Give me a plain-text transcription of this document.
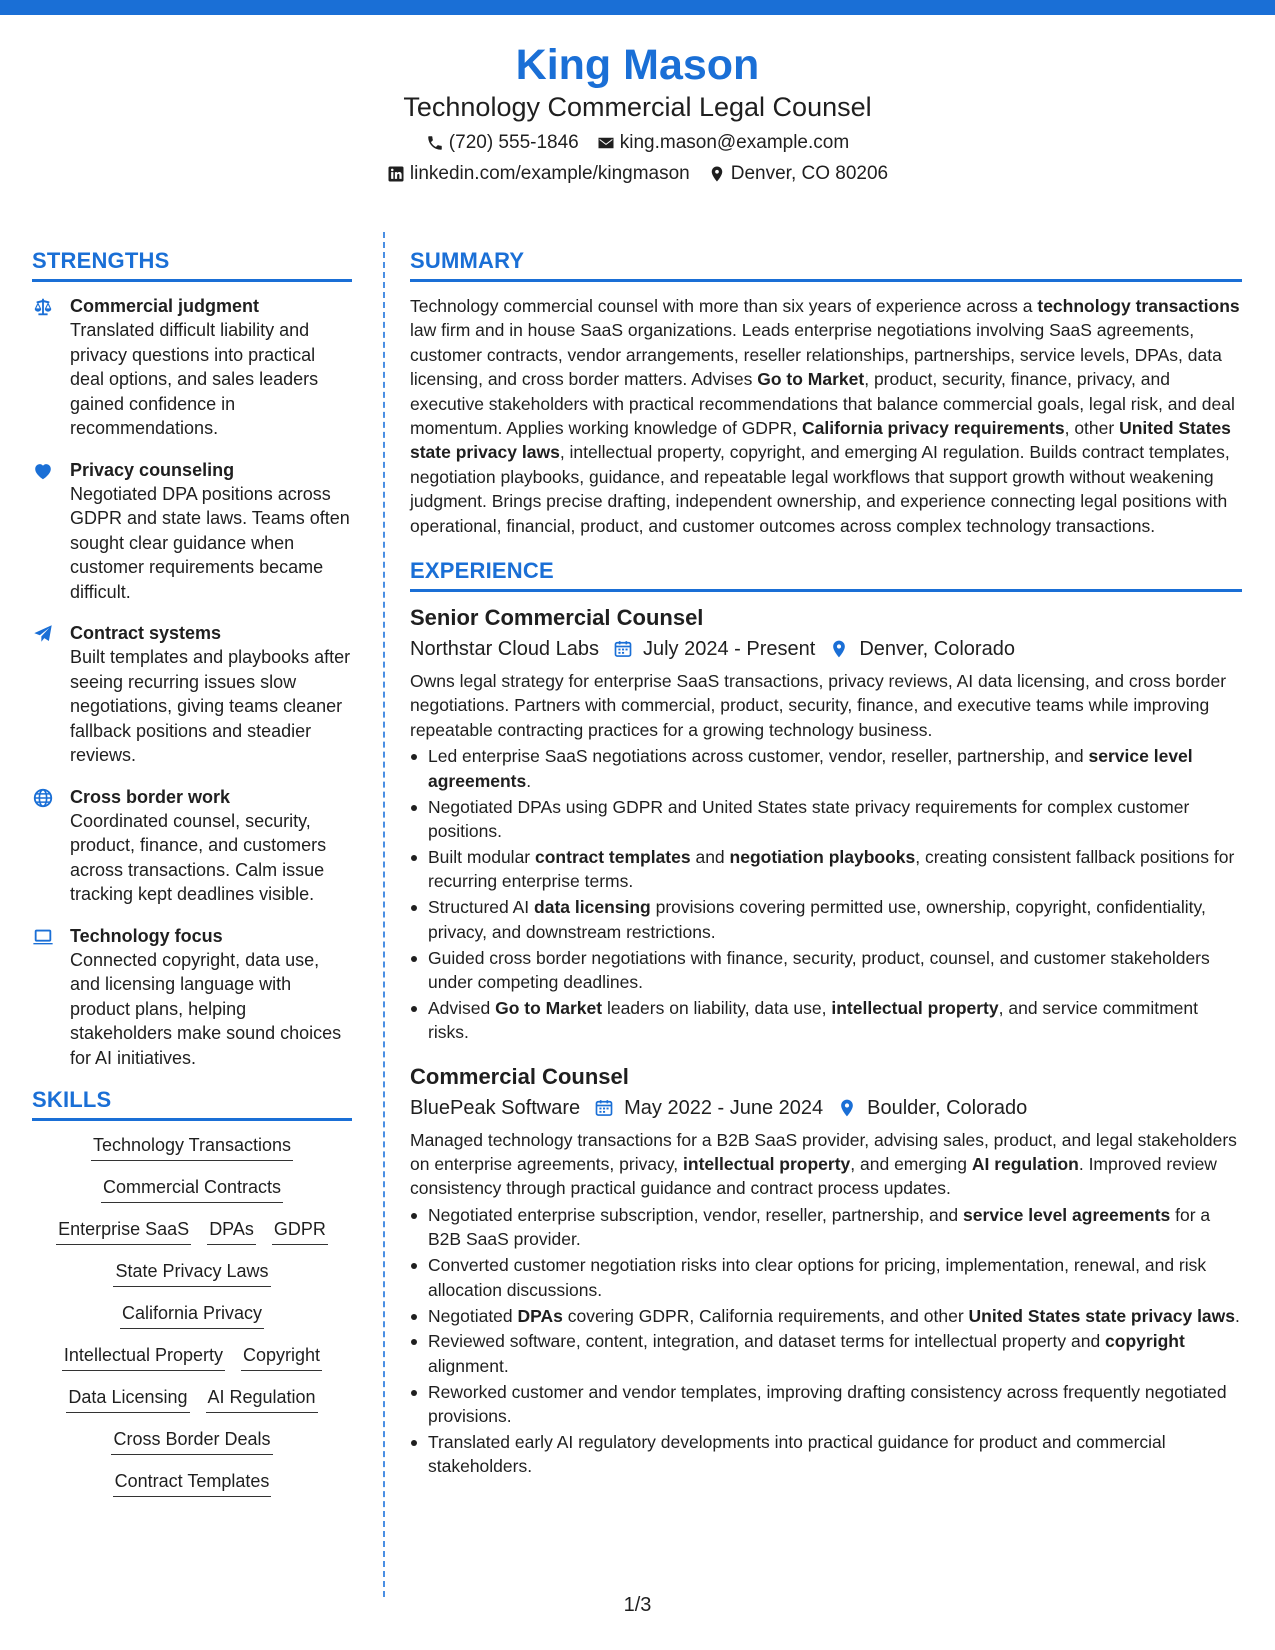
King Mason
Technology Commercial Legal Counsel
(720) 555-1846 king.mason@example.com
linkedin.com/example/kingmason Denver, CO 80206
STRENGTHS
Commercial judgment
Translated difficult liability and privacy questions into practical deal options, and sales leaders gained confidence in recommendations.
Privacy counseling
Negotiated DPA positions across GDPR and state laws. Teams often sought clear guidance when customer requirements became difficult.
Contract systems
Built templates and playbooks after seeing recurring issues slow negotiations, giving teams cleaner fallback positions and steadier reviews.
Cross border work
Coordinated counsel, security, product, finance, and customers across transactions. Calm issue tracking kept deadlines visible.
Technology focus
Connected copyright, data use, and licensing language with product plans, helping stakeholders make sound choices for AI initiatives.
SKILLS
Technology Transactions
Commercial Contracts
Enterprise SaaS DPAs GDPR
State Privacy Laws
California Privacy
Intellectual Property Copyright
Data Licensing AI Regulation
Cross Border Deals
Contract Templates
SUMMARY
Technology commercial counsel with more than six years of experience across a technology transactions law firm and in house SaaS organizations. Leads enterprise negotiations involving SaaS agreements, customer contracts, vendor arrangements, reseller relationships, partnerships, service levels, DPAs, data licensing, and cross border matters. Advises Go to Market, product, security, finance, privacy, and executive stakeholders with practical recommendations that balance commercial goals, legal risk, and deal momentum. Applies working knowledge of GDPR, California privacy requirements, other United States state privacy laws, intellectual property, copyright, and emerging AI regulation. Builds contract templates, negotiation playbooks, guidance, and repeatable legal workflows that support growth without weakening judgment. Brings precise drafting, independent ownership, and experience connecting legal positions with operational, financial, product, and customer outcomes across complex technology transactions.
EXPERIENCE
Senior Commercial Counsel
Northstar Cloud Labs July 2024 - Present Denver, Colorado
Owns legal strategy for enterprise SaaS transactions, privacy reviews, AI data licensing, and cross border negotiations. Partners with commercial, product, security, finance, and executive teams while improving repeatable contracting practices for a growing technology business.
Led enterprise SaaS negotiations across customer, vendor, reseller, partnership, and service level agreements.
Negotiated DPAs using GDPR and United States state privacy requirements for complex customer positions.
Built modular contract templates and negotiation playbooks, creating consistent fallback positions for recurring enterprise terms.
Structured AI data licensing provisions covering permitted use, ownership, copyright, confidentiality, privacy, and downstream restrictions.
Guided cross border negotiations with finance, security, product, counsel, and customer stakeholders under competing deadlines.
Advised Go to Market leaders on liability, data use, intellectual property, and service commitment risks.
Commercial Counsel
BluePeak Software May 2022 - June 2024 Boulder, Colorado
Managed technology transactions for a B2B SaaS provider, advising sales, product, and legal stakeholders on enterprise agreements, privacy, intellectual property, and emerging AI regulation. Improved review consistency through practical guidance and contract process updates.
Negotiated enterprise subscription, vendor, reseller, partnership, and service level agreements for a B2B SaaS provider.
Converted customer negotiation risks into clear options for pricing, implementation, renewal, and risk allocation discussions.
Negotiated DPAs covering GDPR, California requirements, and other United States state privacy laws.
Reviewed software, content, integration, and dataset terms for intellectual property and copyright alignment.
Reworked customer and vendor templates, improving drafting consistency across frequently negotiated provisions.
Translated early AI regulatory developments into practical guidance for product and commercial stakeholders.
1/3
